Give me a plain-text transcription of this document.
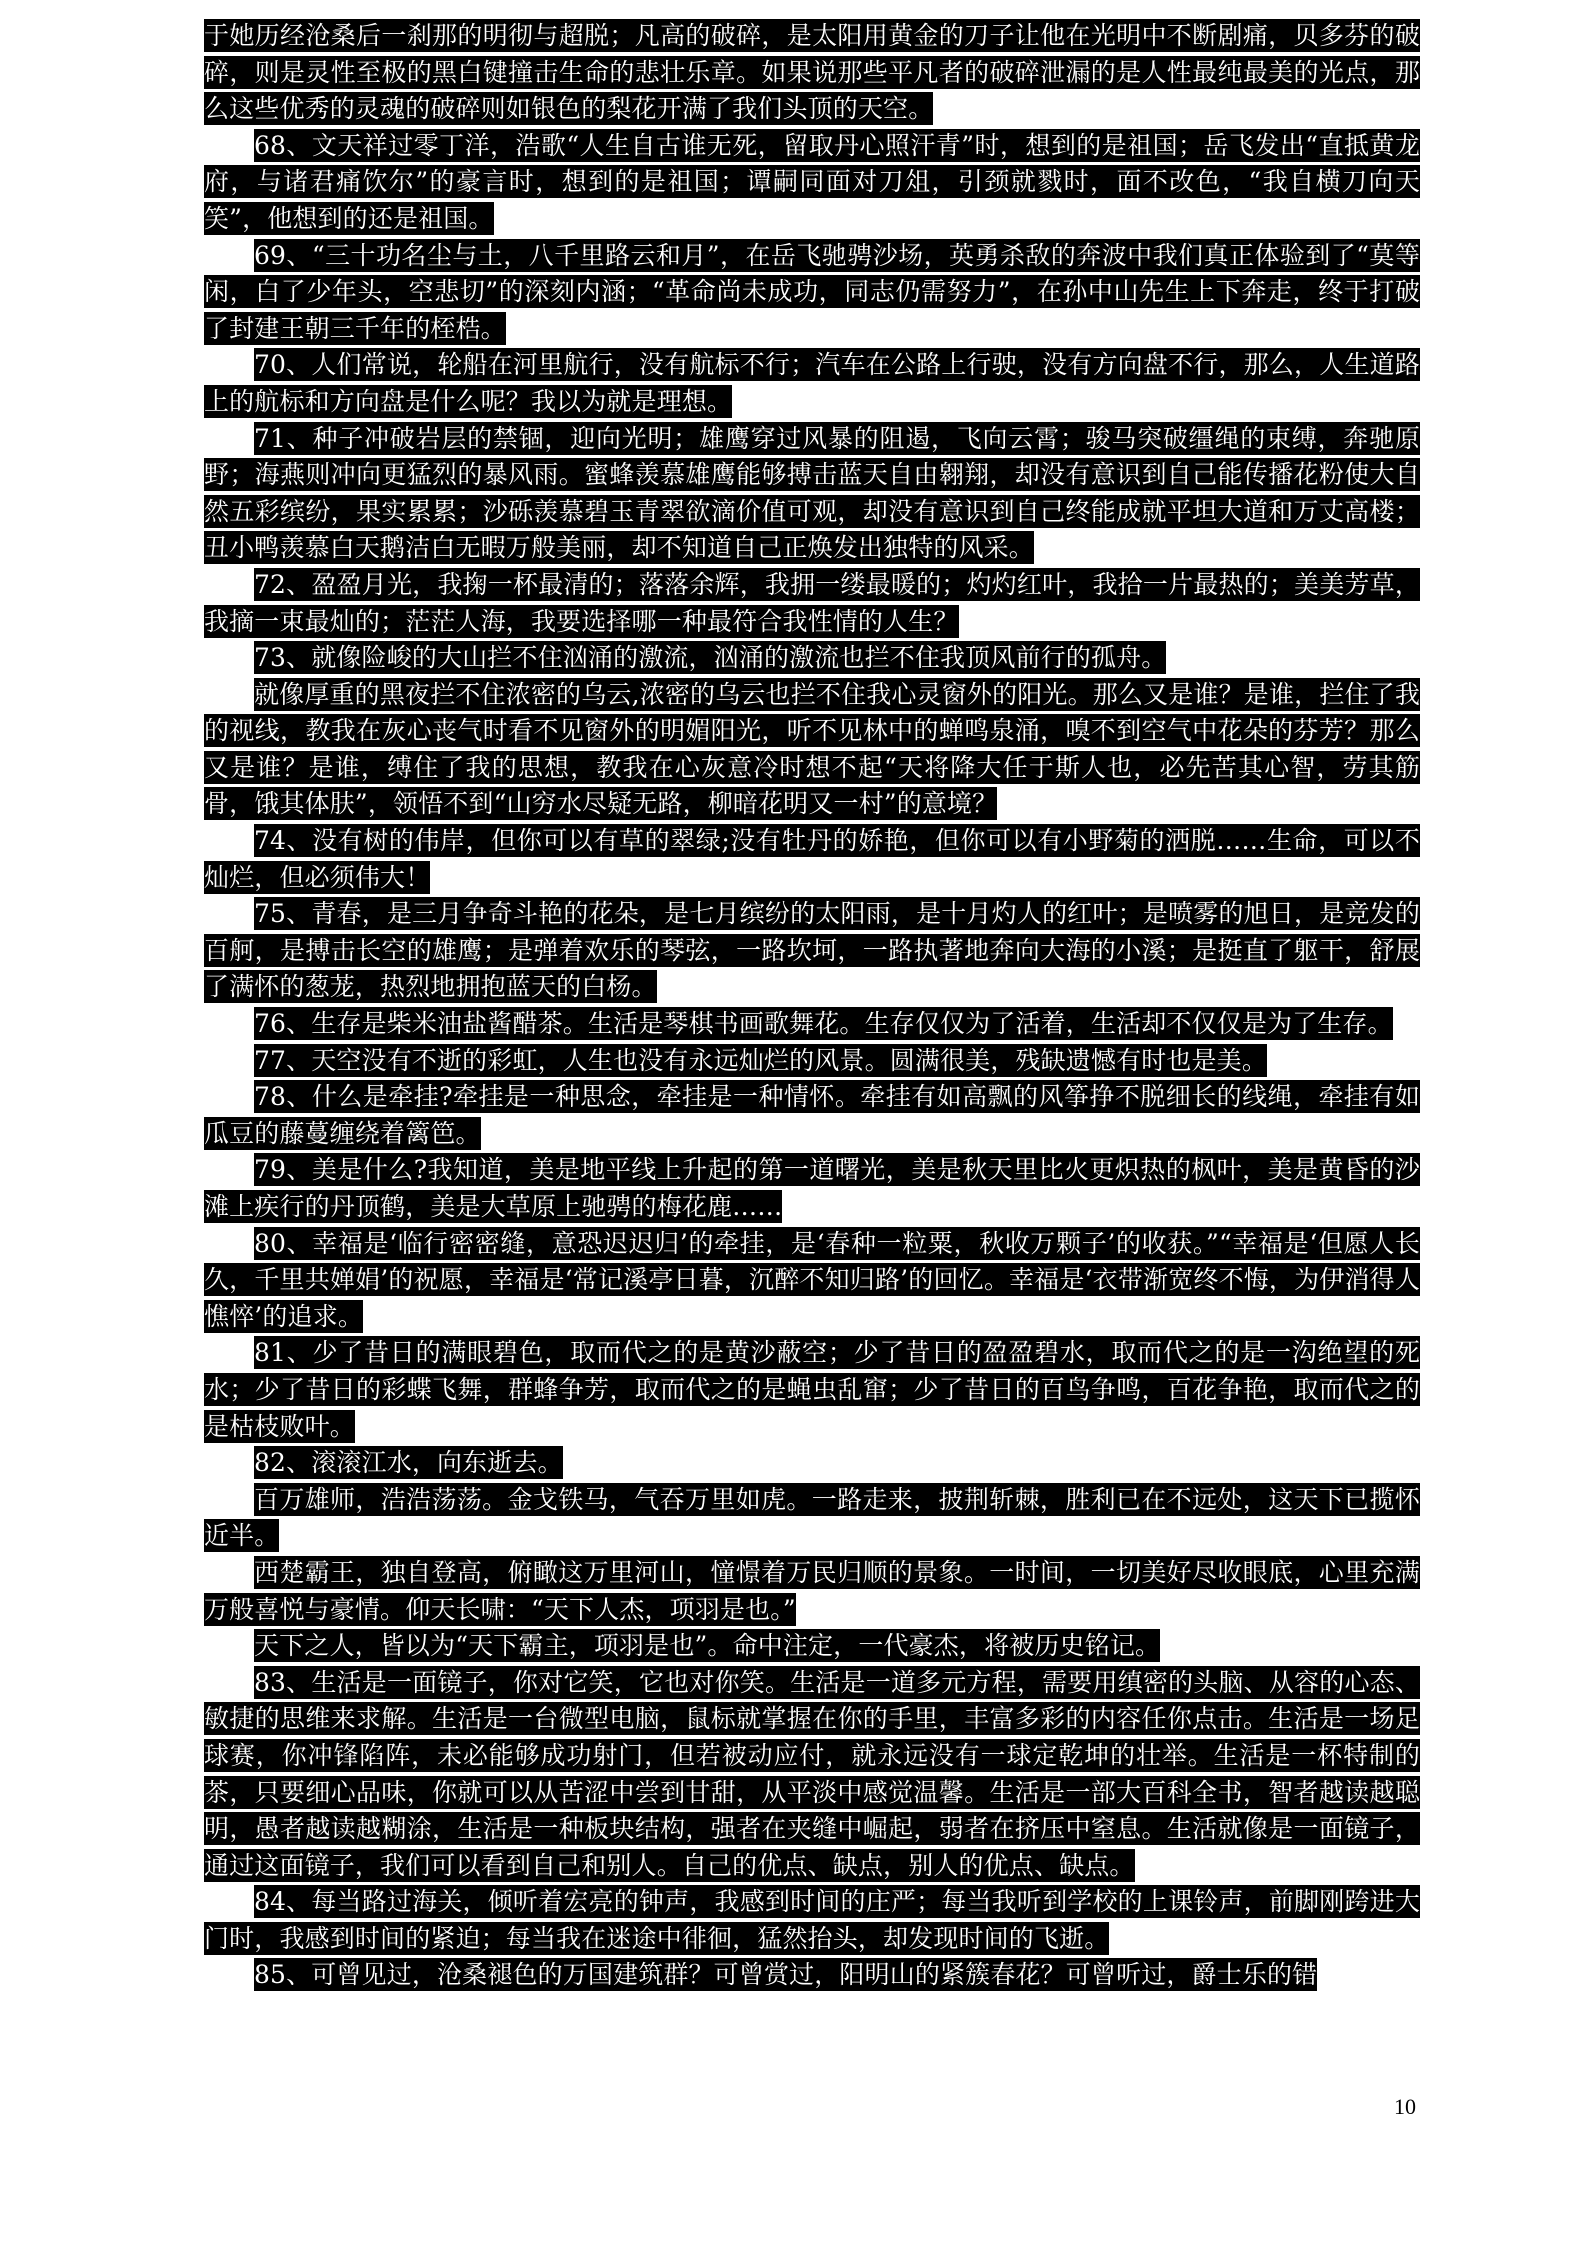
于她历经沧桑后一刹那的明彻与超脱；凡高的破碎，是太阳用黄金的刀子让他在光明中不断剧痛，贝多芬的破碎，则是灵性至极的黑白键撞击生命的悲壮乐章。如果说那些平凡者的破碎泄漏的是人性最纯最美的光点，那么这些优秀的灵魂的破碎则如银色的梨花开满了我们头顶的天空。

68、文天祥过零丁洋，浩歌“人生自古谁无死，留取丹心照汗青”时，想到的是祖国；岳飞发出“直抵黄龙府，与诸君痛饮尔”的豪言时，想到的是祖国；谭嗣同面对刀俎，引颈就戮时，面不改色，“我自横刀向天笑”，他想到的还是祖国。

69、“三十功名尘与土，八千里路云和月”，在岳飞驰骋沙场，英勇杀敌的奔波中我们真正体验到了“莫等闲，白了少年头，空悲切”的深刻内涵；“革命尚未成功，同志仍需努力”，在孙中山先生上下奔走，终于打破了封建王朝三千年的桎梏。

70、人们常说，轮船在河里航行，没有航标不行；汽车在公路上行驶，没有方向盘不行，那么，人生道路上的航标和方向盘是什么呢？我以为就是理想。

71、种子冲破岩层的禁锢，迎向光明；雄鹰穿过风暴的阻遏，飞向云霄；骏马突破缰绳的束缚，奔驰原野；海燕则冲向更猛烈的暴风雨。蜜蜂羡慕雄鹰能够搏击蓝天自由翱翔，却没有意识到自己能传播花粉使大自然五彩缤纷，果实累累；沙砾羡慕碧玉青翠欲滴价值可观，却没有意识到自己终能成就平坦大道和万丈高楼；丑小鸭羡慕白天鹅洁白无暇万般美丽，却不知道自己正焕发出独特的风采。

72、盈盈月光，我掬一杯最清的；落落余辉，我拥一缕最暖的；灼灼红叶，我拾一片最热的；美美芳草，我摘一束最灿的；茫茫人海，我要选择哪一种最符合我性情的人生？

73、就像险峻的大山拦不住汹涌的激流，汹涌的激流也拦不住我顶风前行的孤舟。

就像厚重的黑夜拦不住浓密的乌云,浓密的乌云也拦不住我心灵窗外的阳光。那么又是谁？是谁，拦住了我的视线，教我在灰心丧气时看不见窗外的明媚阳光，听不见林中的蝉鸣泉涌，嗅不到空气中花朵的芬芳？那么又是谁？是谁，缚住了我的思想，教我在心灰意冷时想不起“天将降大任于斯人也，必先苦其心智，劳其筋骨，饿其体肤”，领悟不到“山穷水尽疑无路，柳暗花明又一村”的意境？

74、没有树的伟岸，但你可以有草的翠绿;没有牡丹的娇艳，但你可以有小野菊的洒脱……生命，可以不灿烂，但必须伟大！

75、青春，是三月争奇斗艳的花朵，是七月缤纷的太阳雨，是十月灼人的红叶；是喷雾的旭日，是竞发的百舸，是搏击长空的雄鹰；是弹着欢乐的琴弦，一路坎坷，一路执著地奔向大海的小溪；是挺直了躯干，舒展了满怀的葱茏，热烈地拥抱蓝天的白杨。

76、生存是柴米油盐酱醋茶。生活是琴棋书画歌舞花。生存仅仅为了活着，生活却不仅仅是为了生存。

77、天空没有不逝的彩虹，人生也没有永远灿烂的风景。圆满很美，残缺遗憾有时也是美。

78、什么是牵挂?牵挂是一种思念，牵挂是一种情怀。牵挂有如高飘的风筝挣不脱细长的线绳，牵挂有如瓜豆的藤蔓缠绕着篱笆。

79、美是什么?我知道，美是地平线上升起的第一道曙光，美是秋天里比火更炽热的枫叶，美是黄昏的沙滩上疾行的丹顶鹤，美是大草原上驰骋的梅花鹿……

80、幸福是‘临行密密缝，意恐迟迟归’的牵挂，是‘春种一粒粟，秋收万颗子’的收获。”“幸福是‘但愿人长久，千里共婵娟’的祝愿，幸福是‘常记溪亭日暮，沉醉不知归路’的回忆。幸福是‘衣带渐宽终不悔，为伊消得人憔悴’的追求。

81、少了昔日的满眼碧色，取而代之的是黄沙蔽空；少了昔日的盈盈碧水，取而代之的是一沟绝望的死水；少了昔日的彩蝶飞舞，群蜂争芳，取而代之的是蝇虫乱窜；少了昔日的百鸟争鸣，百花争艳，取而代之的是枯枝败叶。

82、滚滚江水，向东逝去。

百万雄师，浩浩荡荡。金戈铁马，气吞万里如虎。一路走来，披荆斩棘，胜利已在不远处，这天下已揽怀近半。

西楚霸王，独自登高，俯瞰这万里河山，憧憬着万民归顺的景象。一时间，一切美好尽收眼底，心里充满万般喜悦与豪情。仰天长啸：“天下人杰，项羽是也。”

天下之人，皆以为“天下霸主，项羽是也”。命中注定，一代豪杰，将被历史铭记。

83、生活是一面镜子，你对它笑，它也对你笑。生活是一道多元方程，需要用缜密的头脑、从容的心态、敏捷的思维来求解。生活是一台微型电脑，鼠标就掌握在你的手里，丰富多彩的内容任你点击。生活是一场足球赛，你冲锋陷阵，未必能够成功射门，但若被动应付，就永远没有一球定乾坤的壮举。生活是一杯特制的茶，只要细心品味，你就可以从苦涩中尝到甘甜，从平淡中感觉温馨。生活是一部大百科全书，智者越读越聪明，愚者越读越糊涂，生活是一种板块结构，强者在夹缝中崛起，弱者在挤压中窒息。生活就像是一面镜子，通过这面镜子，我们可以看到自己和别人。自己的优点、缺点，别人的优点、缺点。

84、每当路过海关，倾听着宏亮的钟声，我感到时间的庄严；每当我听到学校的上课铃声，前脚刚跨进大门时，我感到时间的紧迫；每当我在迷途中徘徊，猛然抬头，却发现时间的飞逝。

85、可曾见过，沧桑褪色的万国建筑群？可曾赏过，阳明山的紧簇春花？可曾听过，爵士乐的错

10
